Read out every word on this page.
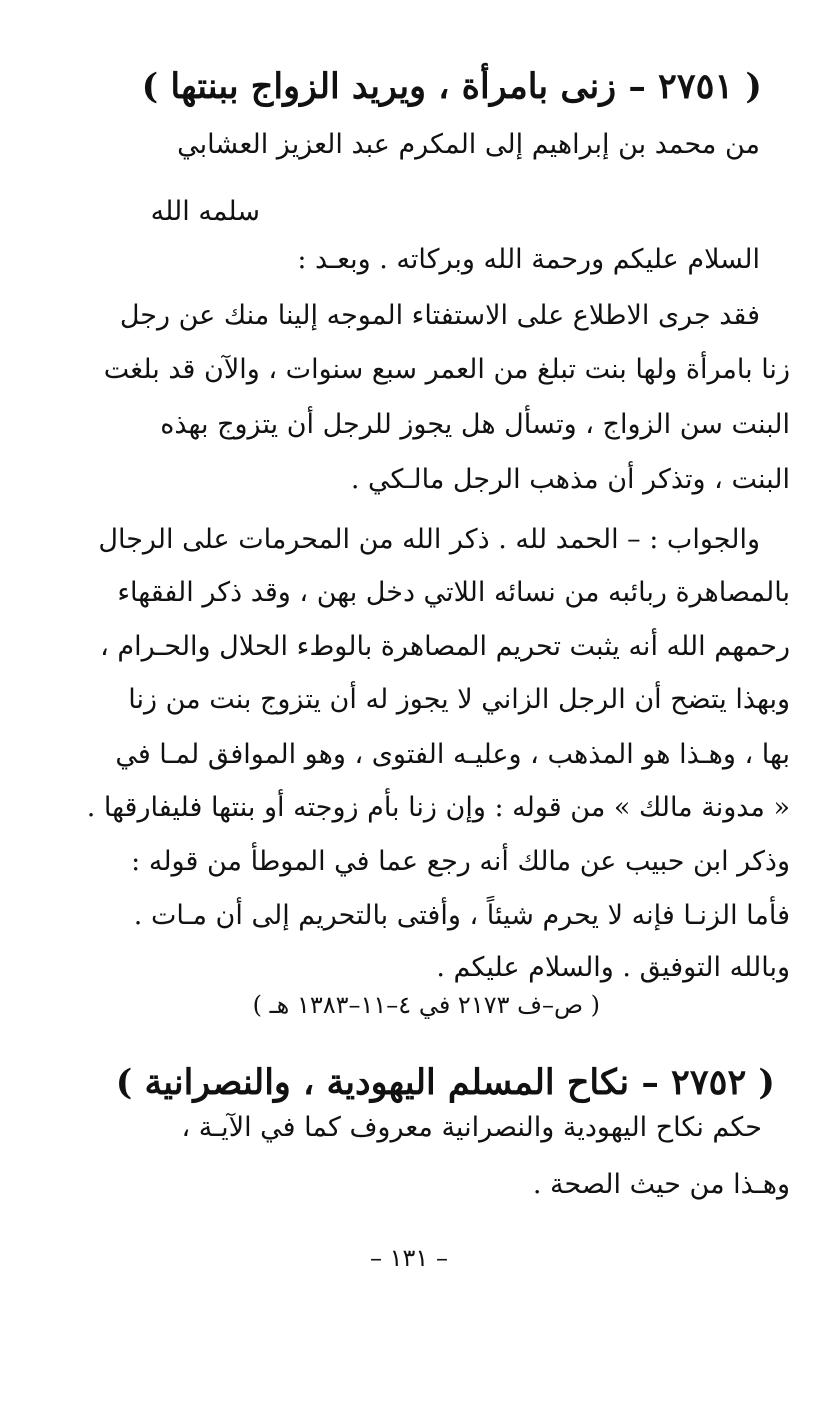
( ٢٧٥١ – زنى بامرأة ، ويريد الزواج ببنتها )
من محمد بن إبراهيم إلى المكرم عبد العزيز العشابي
سلمه الله
السلام عليكم ورحمة الله وبركاته . وبعـد :
فقد جرى الاطلاع على الاستفتاء الموجه إلينا منك عن رجل
زنا بامرأة ولها بنت تبلغ من العمر سبع سنوات ، والآن قد بلغت
البنت سن الزواج ، وتسأل هل يجوز للرجل أن يتزوج بهذه
البنت ، وتذكر أن مذهب الرجل مالـكي .
والجواب : – الحمد لله . ذكر الله من المحرمات على الرجال
بالمصاهرة ربائبه من نسائه اللاتي دخل بهن ، وقد ذكر الفقهاء
رحمهم الله أنه يثبت تحريم المصاهرة بالوطء الحلال والحـرام ،
وبهذا يتضح أن الرجل الزاني لا يجوز له أن يتزوج بنت من زنا
بها ، وهـذا هو المذهب ، وعليـه الفتوى ، وهو الموافق لمـا في
« مدونة مالك » من قوله : وإن زنا بأم زوجته أو بنتها فليفارقها .
وذكر ابن حبيب عن مالك أنه رجع عما في الموطأ من قوله :
فأما الزنـا فإنه لا يحرم شيئاً ، وأفتى بالتحريم إلى أن مـات .
وبالله التوفيق . والسلام عليكم .
( ص–ف ٢١٧٣ في ٤–١١–١٣٨٣ هـ )
( ٢٧٥٢ – نكاح المسلم اليهودية ، والنصرانية )
حكم نكاح اليهودية والنصرانية معروف كما في الآيـة ،
وهـذا من حيث الصحة .
– ١٣١ –
